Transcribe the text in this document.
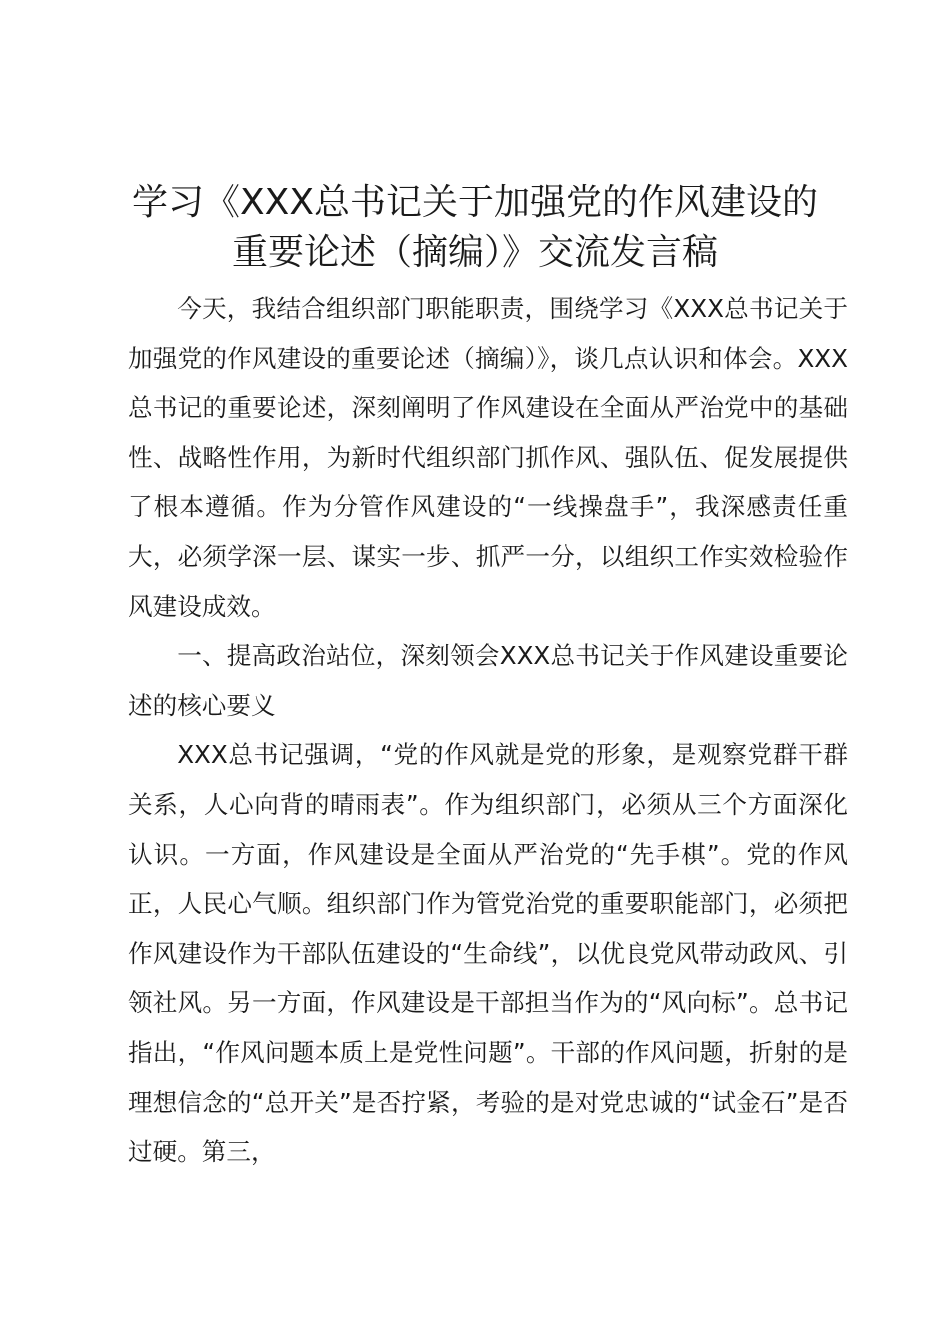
学习《XXX总书记关于加强党的作风建设的
重要论述（摘编）》交流发言稿

今天，我结合组织部门职能职责，围绕学习《XXX总书记关于加强党的作风建设的重要论述（摘编）》，谈几点认识和体会。XXX总书记的重要论述，深刻阐明了作风建设在全面从严治党中的基础性、战略性作用，为新时代组织部门抓作风、强队伍、促发展提供了根本遵循。作为分管作风建设的“一线操盘手”，我深感责任重大，必须学深一层、谋实一步、抓严一分，以组织工作实效检验作风建设成效。

一、提高政治站位，深刻领会XXX总书记关于作风建设重要论述的核心要义

XXX总书记强调，“党的作风就是党的形象，是观察党群干群关系，人心向背的晴雨表”。作为组织部门，必须从三个方面深化认识。一方面，作风建设是全面从严治党的“先手棋”。党的作风正，人民心气顺。组织部门作为管党治党的重要职能部门，必须把作风建设作为干部队伍建设的“生命线”，以优良党风带动政风、引领社风。另一方面，作风建设是干部担当作为的“风向标”。总书记指出，“作风问题本质上是党性问题”。干部的作风问题，折射的是理想信念的“总开关”是否拧紧，考验的是对党忠诚的“试金石”是否过硬。第三，
